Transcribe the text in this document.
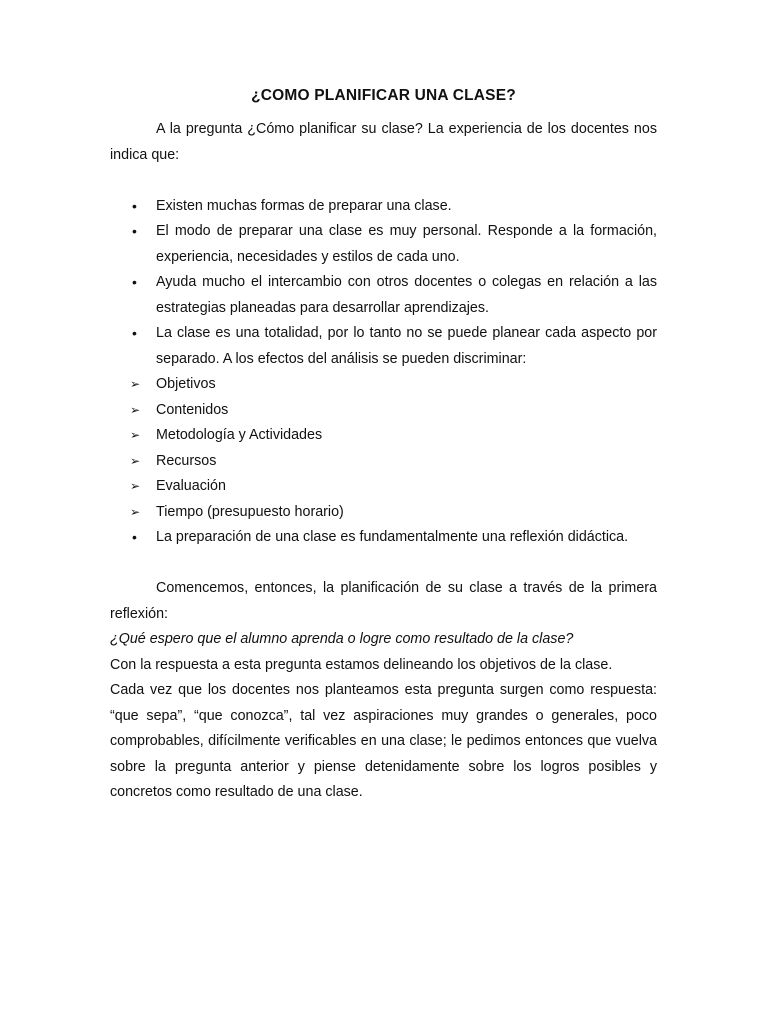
¿COMO PLANIFICAR UNA CLASE?

A la pregunta ¿Cómo planificar su clase? La experiencia de los docentes nos indica que:

• Existen muchas formas de preparar una clase.
• El modo de preparar una clase es muy personal. Responde a la formación, experiencia, necesidades y estilos de cada uno.
• Ayuda mucho el intercambio con otros docentes o colegas en relación a las estrategias planeadas para desarrollar aprendizajes.
• La clase es una totalidad, por lo tanto no se puede planear cada aspecto por separado. A los efectos del análisis se pueden discriminar:
➢ Objetivos
➢ Contenidos
➢ Metodología y Actividades
➢ Recursos
➢ Evaluación
➢ Tiempo (presupuesto horario)
• La preparación de una clase es fundamentalmente una reflexión didáctica.

Comencemos, entonces, la planificación de su clase a través de la primera reflexión:

¿Qué espero que el alumno aprenda o logre como resultado de la clase?

Con la respuesta a esta pregunta estamos delineando los objetivos de la clase.

Cada vez que los docentes nos planteamos esta pregunta surgen como respuesta: “que sepa”, “que conozca”, tal vez aspiraciones muy grandes o generales, poco comprobables, difícilmente verificables en una clase; le pedimos entonces que vuelva sobre la pregunta anterior y piense detenidamente sobre los logros posibles y concretos como resultado de una clase.
